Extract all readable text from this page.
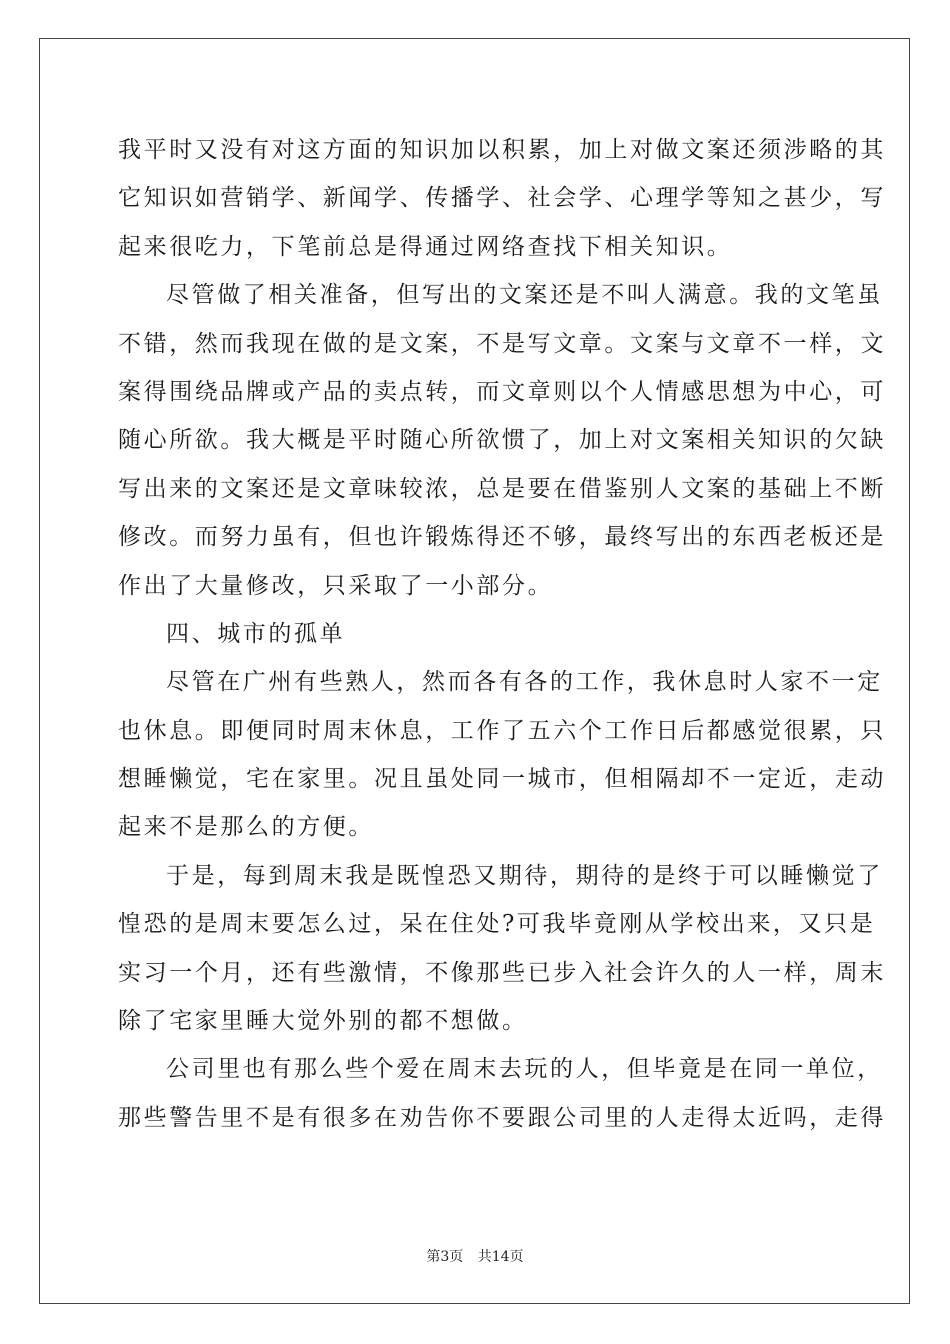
我平时又没有对这方面的知识加以积累，加上对做文案还须涉略的其
它知识如营销学、新闻学、传播学、社会学、心理学等知之甚少，写
起来很吃力，下笔前总是得通过网络查找下相关知识。
尽管做了相关准备，但写出的文案还是不叫人满意。我的文笔虽
不错，然而我现在做的是文案，不是写文章。文案与文章不一样，文
案得围绕品牌或产品的卖点转，而文章则以个人情感思想为中心，可
随心所欲。我大概是平时随心所欲惯了，加上对文案相关知识的欠缺
写出来的文案还是文章味较浓，总是要在借鉴别人文案的基础上不断
修改。而努力虽有，但也许锻炼得还不够，最终写出的东西老板还是
作出了大量修改，只采取了一小部分。
四、城市的孤单
尽管在广州有些熟人，然而各有各的工作，我休息时人家不一定
也休息。即便同时周末休息，工作了五六个工作日后都感觉很累，只
想睡懒觉，宅在家里。况且虽处同一城市，但相隔却不一定近，走动
起来不是那么的方便。
于是，每到周末我是既惶恐又期待，期待的是终于可以睡懒觉了
惶恐的是周末要怎么过，呆在住处?可我毕竟刚从学校出来，又只是
实习一个月，还有些激情，不像那些已步入社会许久的人一样，周末
除了宅家里睡大觉外别的都不想做。
公司里也有那么些个爱在周末去玩的人，但毕竟是在同一单位，
那些警告里不是有很多在劝告你不要跟公司里的人走得太近吗，走得
第3页 共14页
